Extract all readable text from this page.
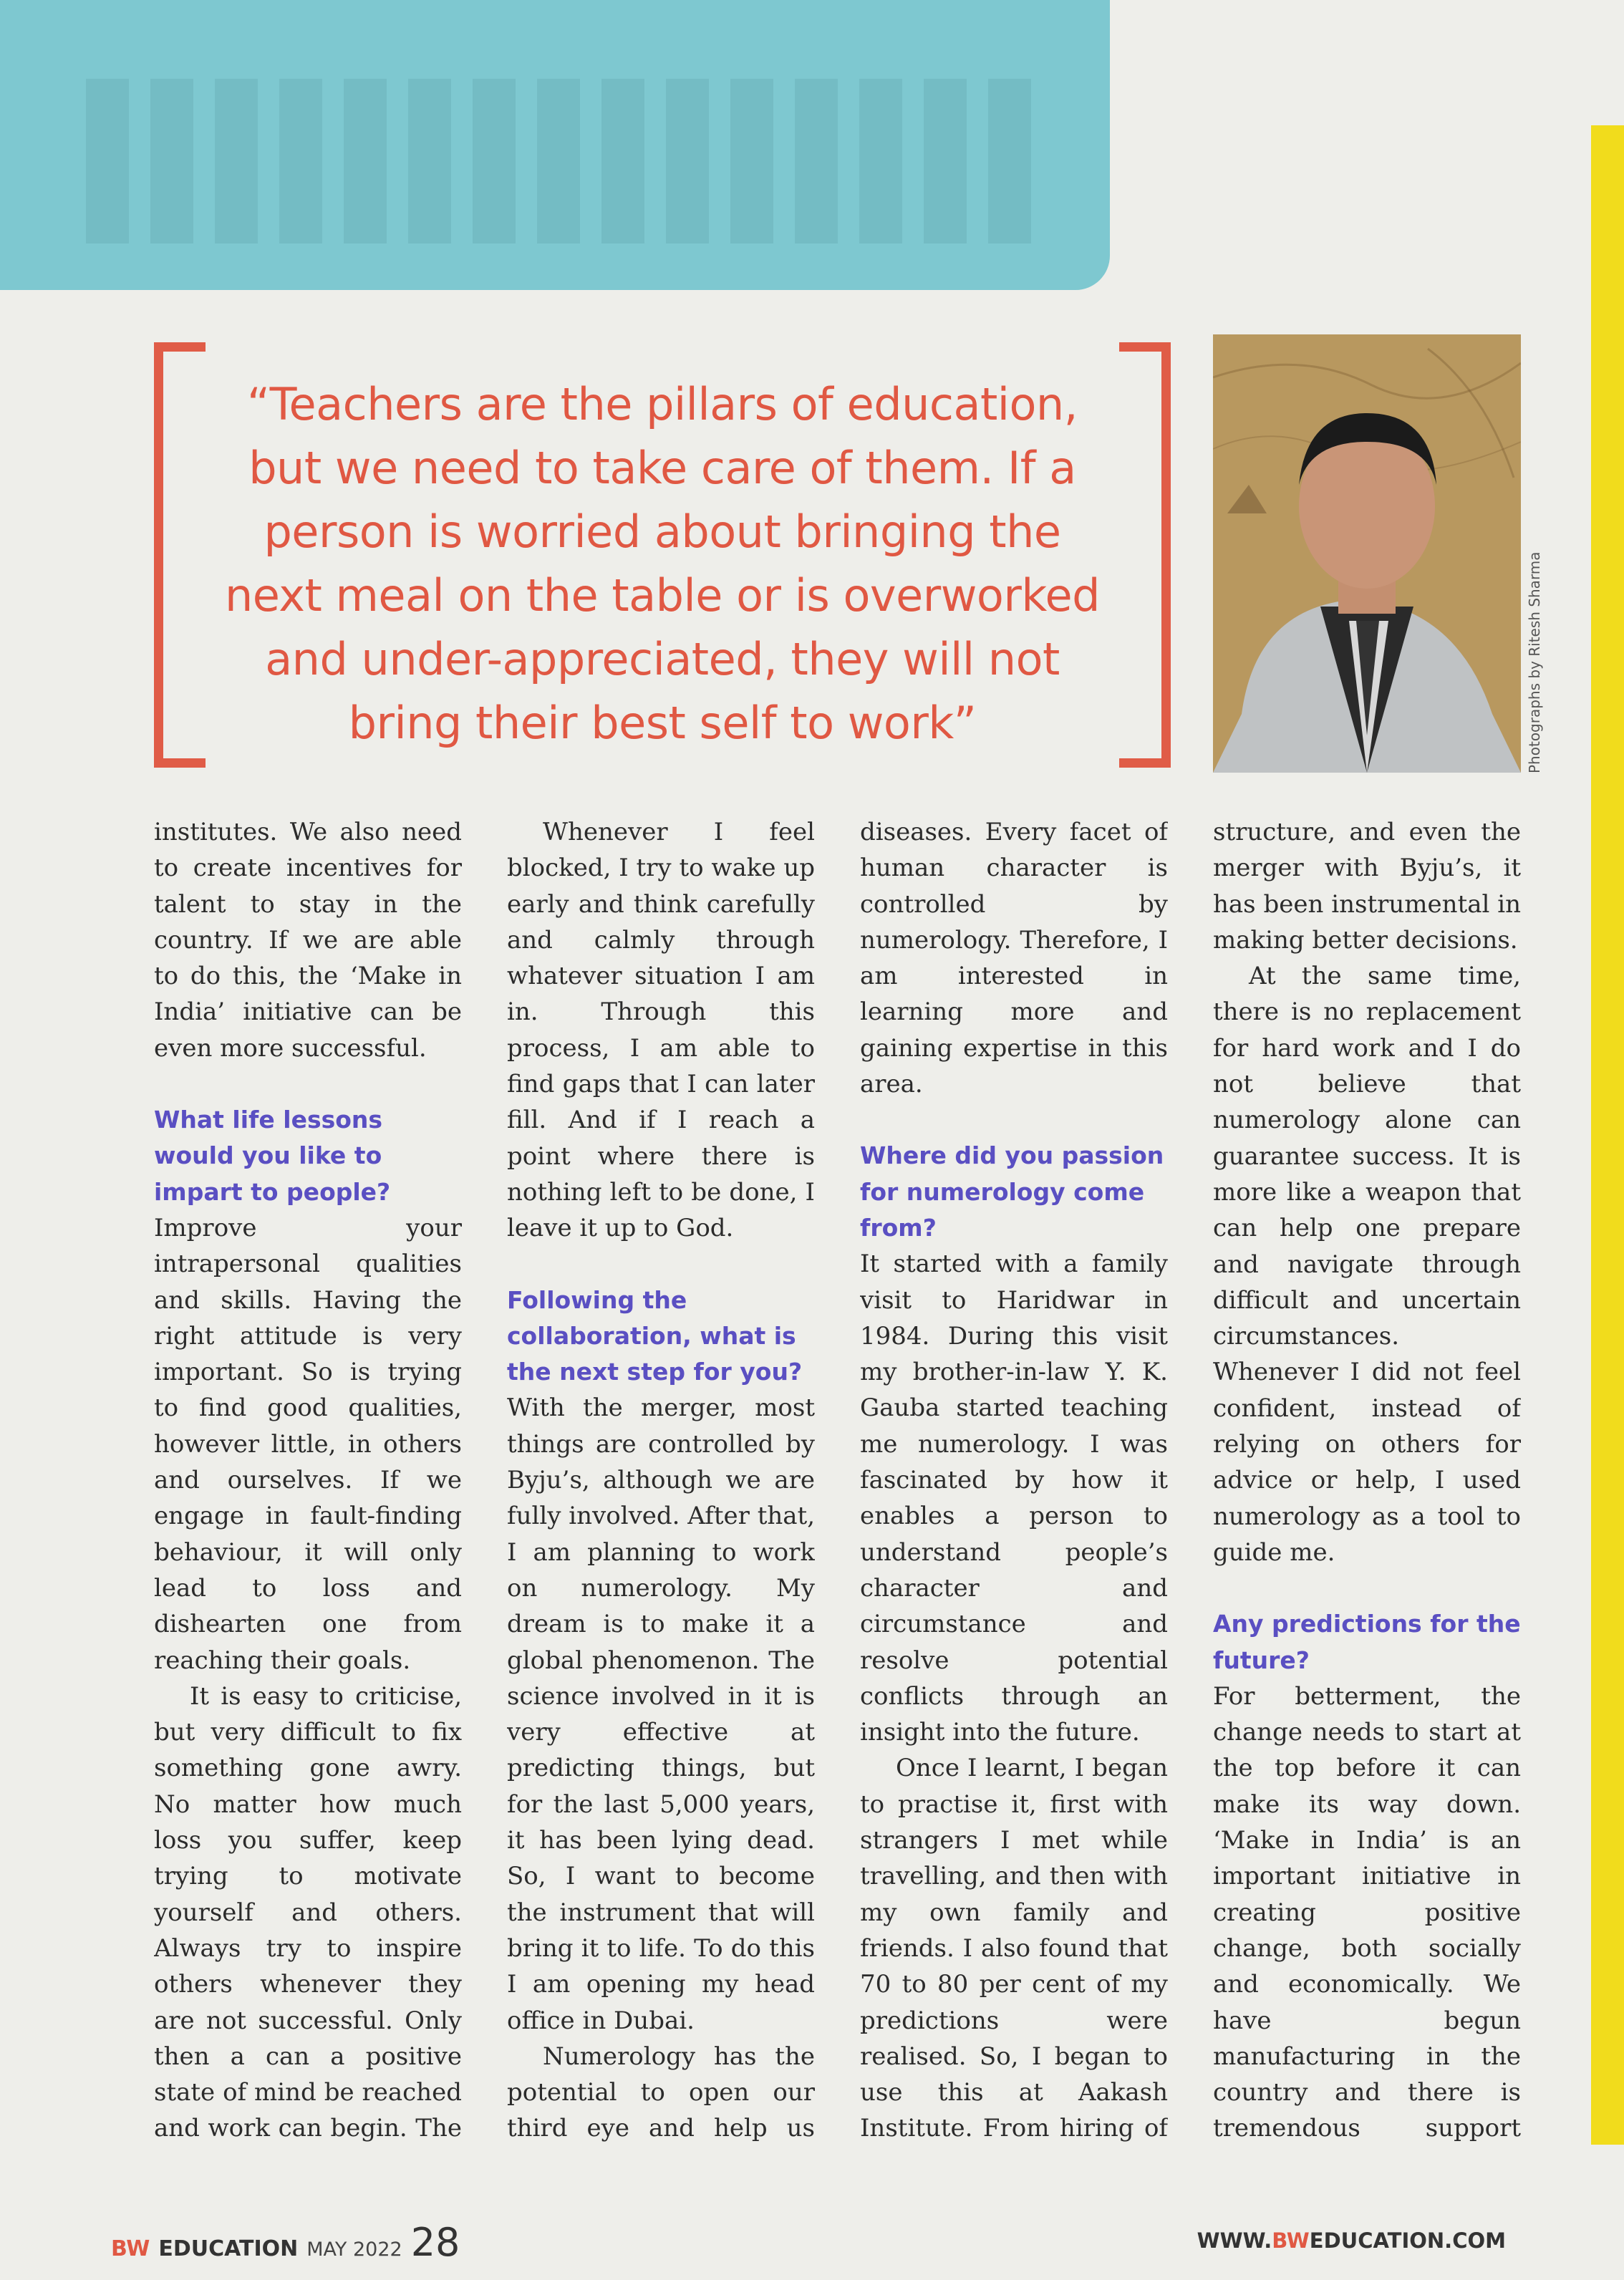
“Teachers are the pillars of education,
but we need to take care of them. If a
person is worried about bringing the
next meal on the table or is overworked
and under-appreciated, they will not
bring their best self to work”	Photographs by Ritesh Sharma

institutes. We also need to create incentives for talent to stay in the country. If we are able to do this, the ‘Make in India’ initiative can be even more successful.

What life lessons would you like to impart to people?

Improve your intrapersonal qualities and skills. Having the right attitude is very important. So is trying to find good qualities, however little, in others and ourselves. If we engage in fault-finding behaviour, it will only lead to loss and dishearten one from reaching their goals.

It is easy to criticise, but very difficult to fix something gone awry. No matter how much loss you suffer, keep trying to motivate yourself and others. Always try to inspire others whenever they are not successful. Only then a can a positive state of mind be reached and work can begin. The

Whenever I feel blocked, I try to wake up early and think carefully and calmly through whatever situation I am in. Through this process, I am able to find gaps that I can later fill. And if I reach a point where there is nothing left to be done, I leave it up to God.

Following the collaboration, what is the next step for you?

With the merger, most things are controlled by Byju’s, although we are fully involved. After that, I am planning to work on numerology. My dream is to make it a global phenomenon. The science involved in it is very effective at predicting things, but for the last 5,000 years, it has been lying dead. So, I want to become the instrument that will bring it to life. To do this I am opening my head office in Dubai.

Numerology has the potential to open our third eye and help us

diseases. Every facet of human character is controlled by numerology. Therefore, I am interested in learning more and gaining expertise in this area.

Where did you passion for numerology come from?

It started with a family visit to Haridwar in 1984. During this visit my brother-in-law Y. K. Gauba started teaching me numerology. I was fascinated by how it enables a person to understand people’s character and circumstance and resolve potential conflicts through an insight into the future.

Once I learnt, I began to practise it, first with strangers I met while travelling, and then with my own family and friends. I also found that 70 to 80 per cent of my predictions were realised. So, I began to use this at Aakash Institute. From hiring of

structure, and even the merger with Byju’s, it has been instrumental in making better decisions.

At the same time, there is no replacement for hard work and I do not believe that numerology alone can guarantee success. It is more like a weapon that can help one prepare and navigate through difficult and uncertain circumstances. Whenever I did not feel confident, instead of relying on others for advice or help, I used numerology as a tool to guide me.

Any predictions for the future?

For betterment, the change needs to start at the top before it can make its way down. ‘Make in India’ is an important initiative in creating positive change, both socially and economically. We have begun manufacturing in the country and there is tremendous support

BW EDUCATION MAY 2022 28	WWW.BWEDUCATION.COM
